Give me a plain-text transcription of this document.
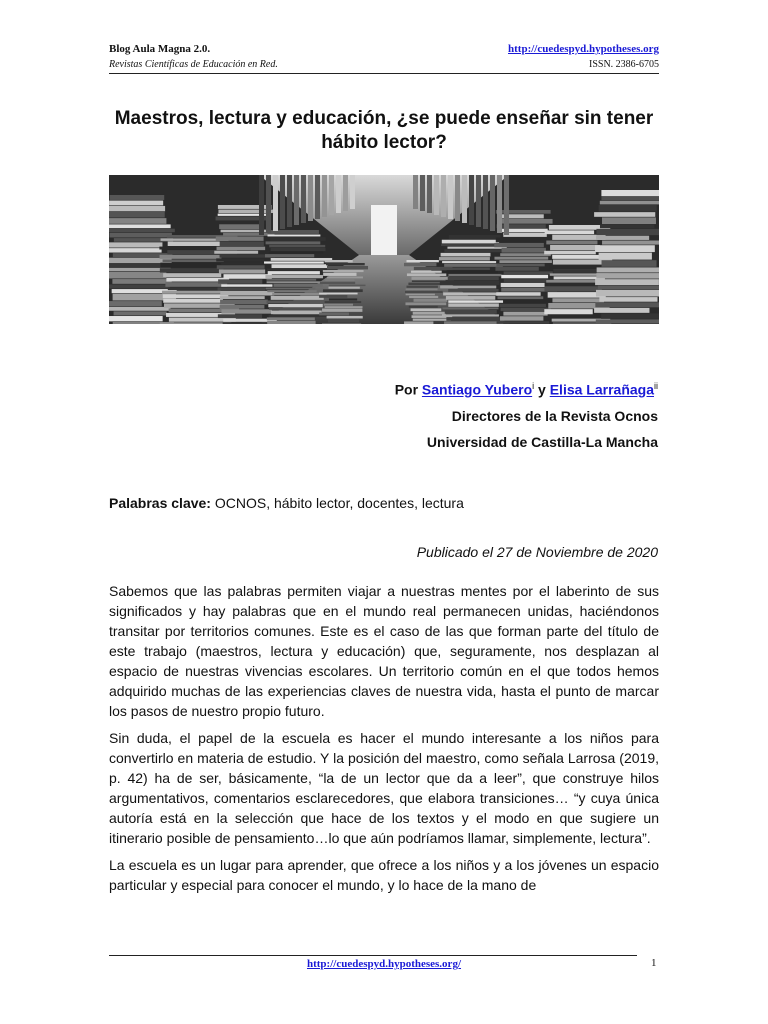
Blog Aula Magna 2.0.	http://cuedespyd.hypotheses.org
Revistas Científicas de Educación en Red.	ISSN. 2386-6705
Maestros, lectura y educación, ¿se puede enseñar sin tener hábito lector?
Por Santiago Yubero$^i$ y Elisa Larrañaga$^{ii}$
Directores de la Revista Ocnos
Universidad de Castilla-La Mancha
Palabras clave: OCNOS, hábito lector, docentes, lectura
Publicado el 27 de Noviembre de 2020

Sabemos que las palabras permiten viajar a nuestras mentes por el laberinto de sus significados y hay palabras que en el mundo real permanecen unidas, haciéndonos transitar por territorios comunes. Este es el caso de las que forman parte del título de este trabajo (maestros, lectura y educación) que, seguramente, nos desplazan al espacio de nuestras vivencias escolares. Un territorio común en el que todos hemos adquirido muchas de las experiencias claves de nuestra vida, hasta el punto de marcar los pasos de nuestro propio futuro.

Sin duda, el papel de la escuela es hacer el mundo interesante a los niños para convertirlo en materia de estudio. Y la posición del maestro, como señala Larrosa (2019, p. 42) ha de ser, básicamente, “la de un lector que da a leer”, que construye hilos argumentativos, comentarios esclarecedores, que elabora transiciones… “y cuya única autoría está en la selección que hace de los textos y el modo en que sugiere un itinerario posible de pensamiento…lo que aún podríamos llamar, simplemente, lectura”.

La escuela es un lugar para aprender, que ofrece a los niños y a los jóvenes un espacio particular y especial para conocer el mundo, y lo hace de la mano de

http://cuedespyd.hypotheses.org/	1
